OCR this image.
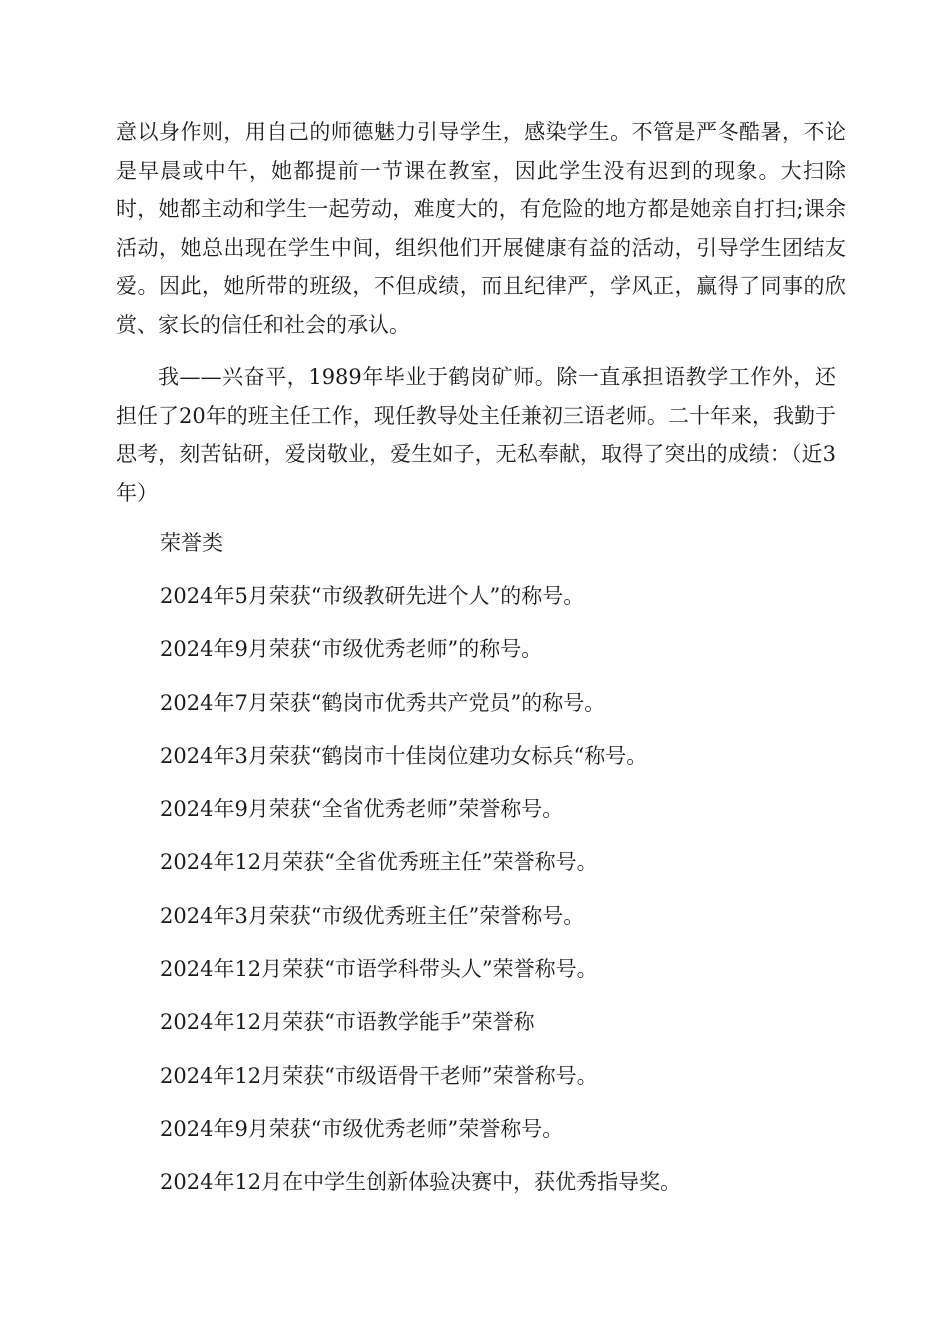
意以身作则，用自己的师德魅力引导学生，感染学生。不管是严冬酷暑，不论是早晨或中午，她都提前一节课在教室，因此学生没有迟到的现象。大扫除时，她都主动和学生一起劳动，难度大的，有危险的地方都是她亲自打扫;课余活动，她总出现在学生中间，组织他们开展健康有益的活动，引导学生团结友爱。因此，她所带的班级，不但成绩，而且纪律严，学风正，赢得了同事的欣赏、家长的信任和社会的承认。

我——兴奋平，1989年毕业于鹤岗矿师。除一直承担语教学工作外，还担任了20年的班主任工作，现任教导处主任兼初三语老师。二十年来，我勤于思考，刻苦钻研，爱岗敬业，爱生如子，无私奉献，取得了突出的成绩：（近3年）

荣誉类

2024年5月荣获“市级教研先进个人”的称号。
2024年9月荣获“市级优秀老师”的称号。
2024年7月荣获“鹤岗市优秀共产党员”的称号。
2024年3月荣获“鹤岗市十佳岗位建功女标兵“称号。
2024年9月荣获“全省优秀老师”荣誉称号。
2024年12月荣获“全省优秀班主任”荣誉称号。
2024年3月荣获“市级优秀班主任”荣誉称号。
2024年12月荣获“市语学科带头人”荣誉称号。
2024年12月荣获“市语教学能手”荣誉称
2024年12月荣获“市级语骨干老师”荣誉称号。
2024年9月荣获“市级优秀老师”荣誉称号。
2024年12月在中学生创新体验决赛中，获优秀指导奖。
